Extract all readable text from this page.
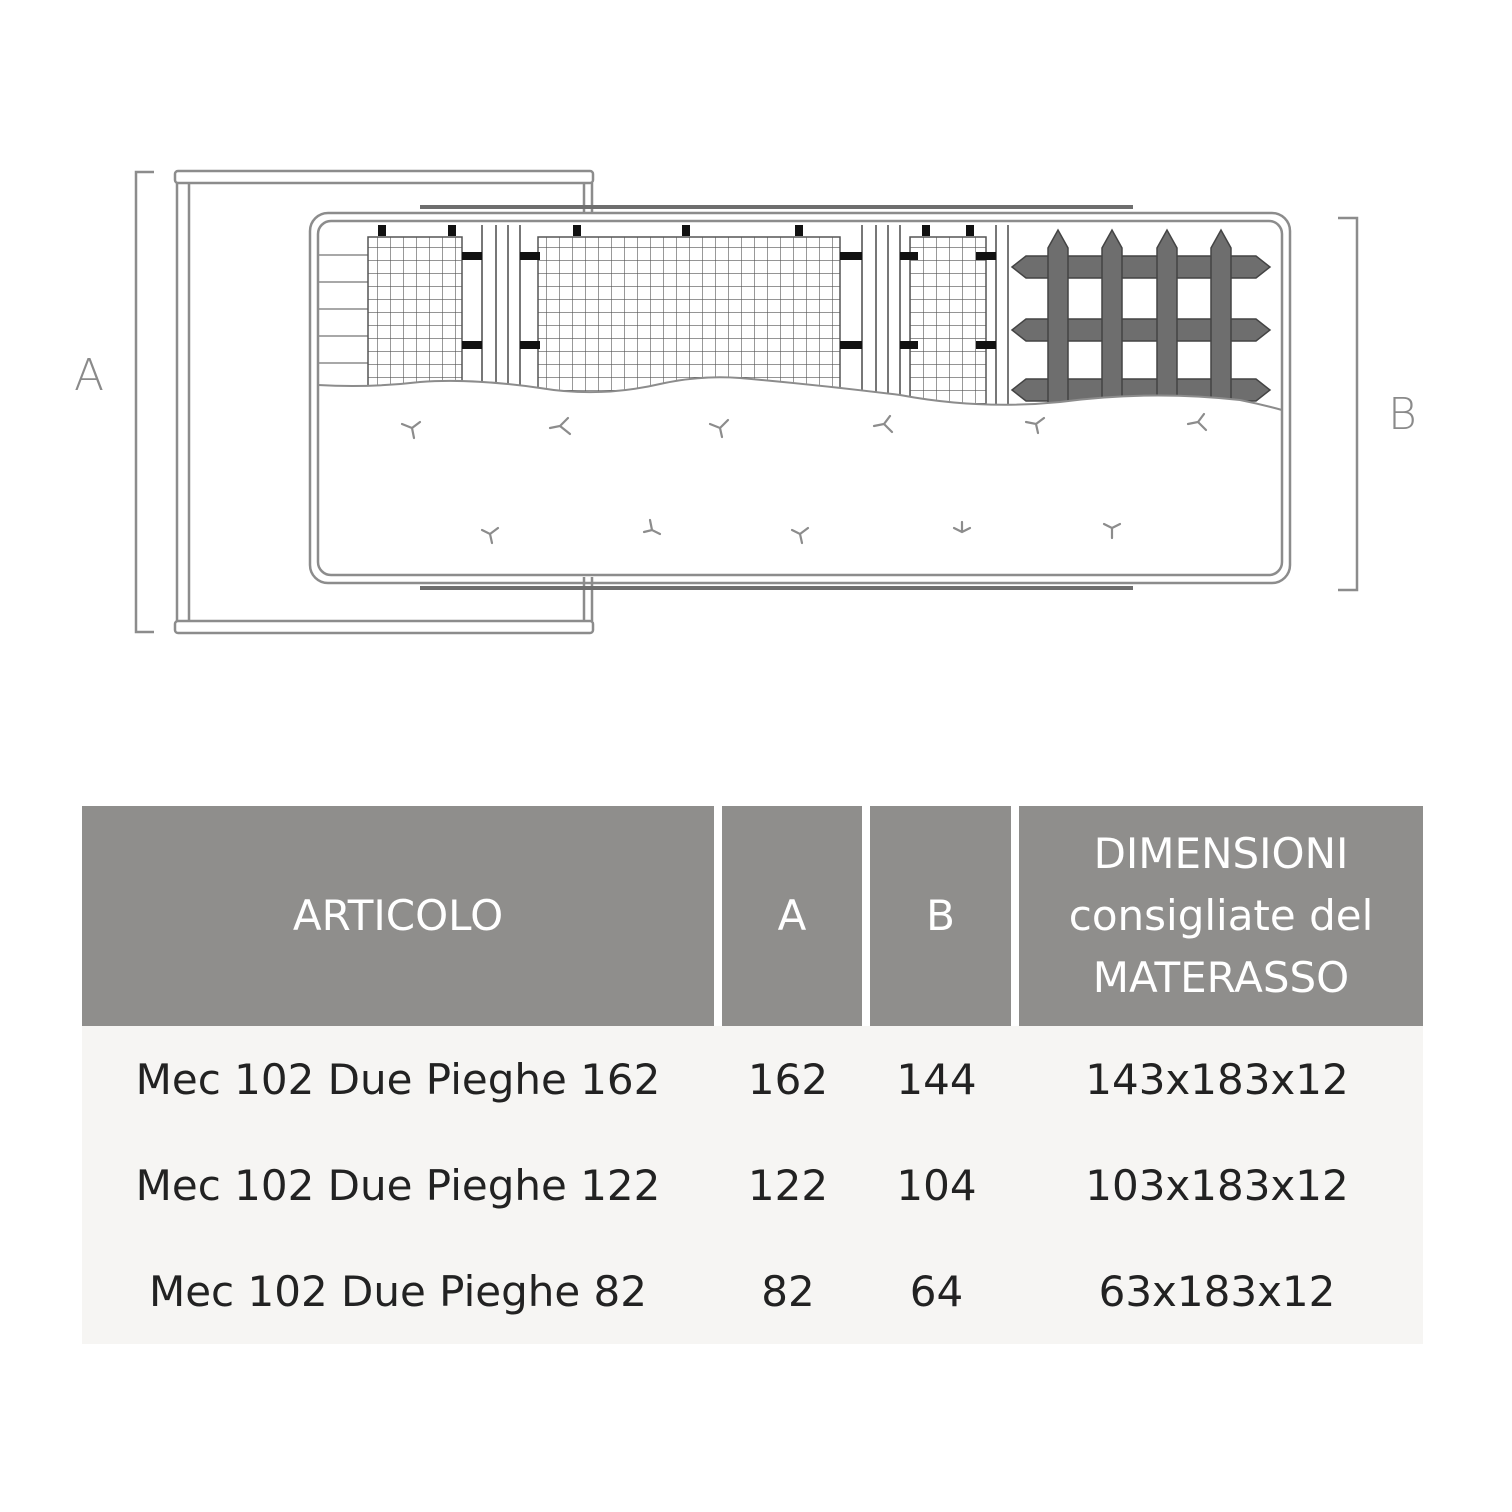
A
B
ARTICOLO	A	B	DIMENSIONI
consigliate del
MATERASSO

Mec 102 Due Pieghe 162	162	144	143x183x12
Mec 102 Due Pieghe 122	122	104	103x183x12
Mec 102 Due Pieghe 82	82	64	63x183x12
